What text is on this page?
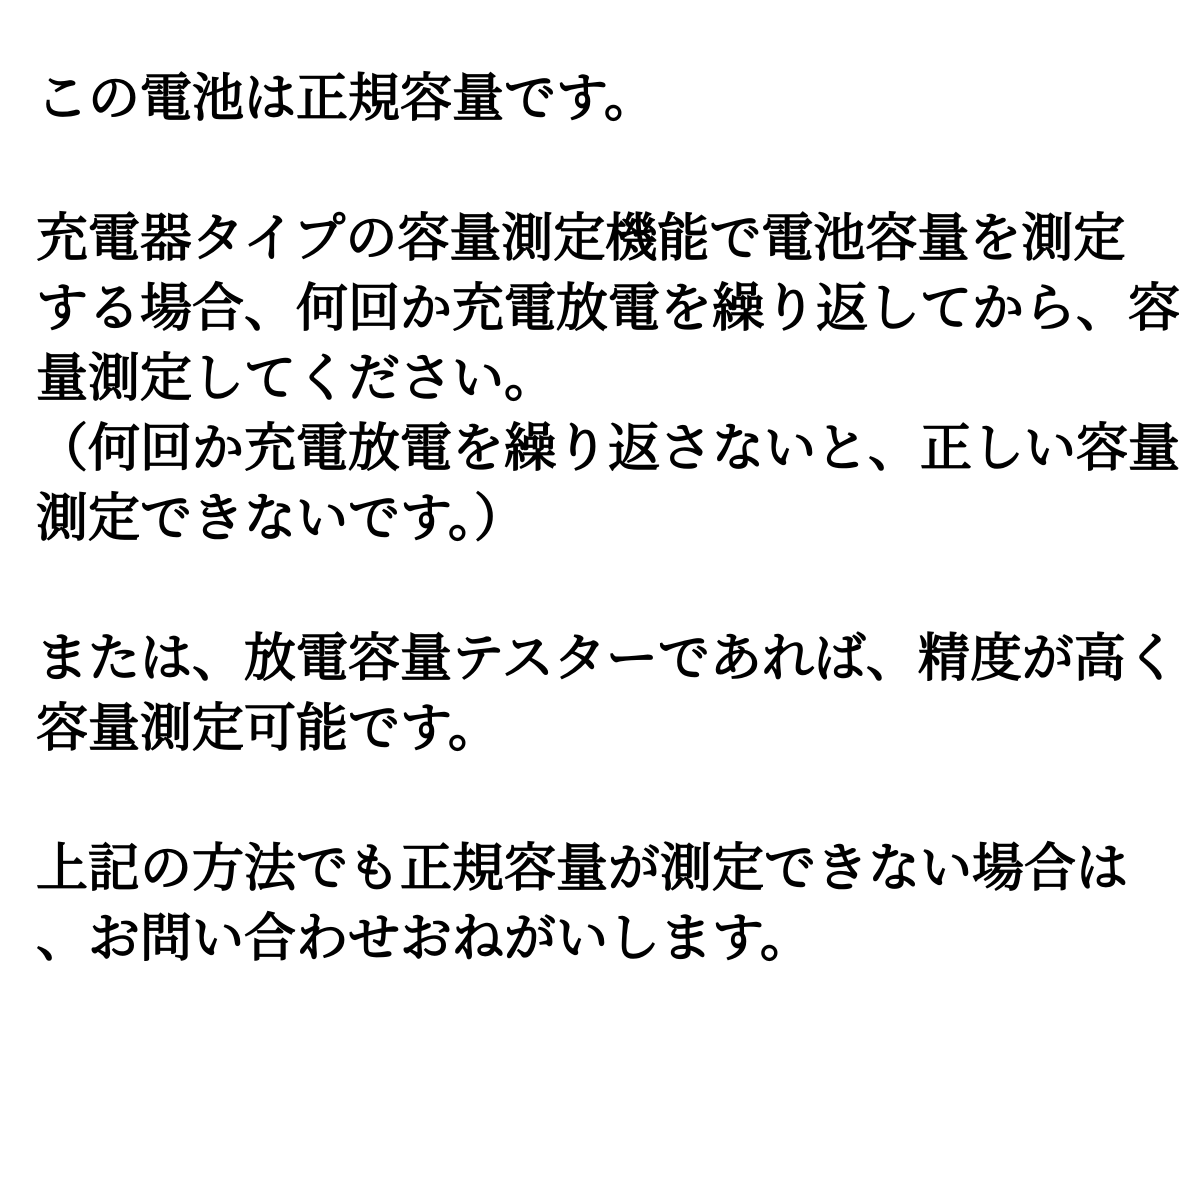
この電池は正規容量です。
充電器タイプの容量測定機能で電池容量を測定
する場合、何回か充電放電を繰り返してから、容
量測定してください。
（何回か充電放電を繰り返さないと、正しい容量
測定できないです。）
または、放電容量テスターであれば、精度が高く
容量測定可能です。
上記の方法でも正規容量が測定できない場合は
、お問い合わせおねがいします。
